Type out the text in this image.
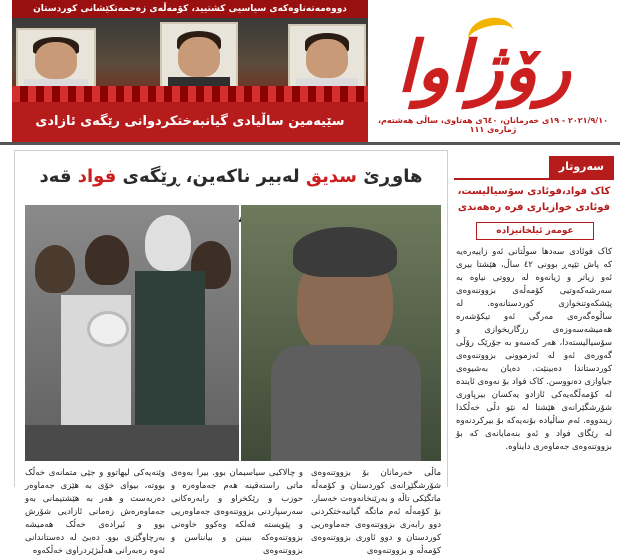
دووەمەتەناوەکەی سیاسیی کشتیید، کۆمەڵەی زەحمەتکێشانی کوردستان
سێیەمین ساڵیادی گیانبەختکردوانی رێگەی ئازادی
رۆژاوا
٢٠٢١/٩/١٠ - ١٩ی خەرمانان، ٦٤٠ی هەتاوی، ساڵی هەشتەم، ژمارەی ١١١
هاوڕێ سدیق لەبیر ناکەین، ڕێگەی فواد قەد
ماڵی خەرمانان بۆ بزووتنەوەی شۆرشگێڕانەی کوردستان و کۆمەڵە ماتگێکی تاڵە و بەرێنخانەوەت خەسار. بۆ کۆمەڵە ئەم ماتگە گیانبەختکردنی دوو رابەری بزووتنەوەی جەماوەریی کوردستان و دوو ئاوری بزووتنەوەی کۆمەڵە و بزووتنەوەی
و چالاکیی سیاسیمان بوو. بیرا بەوەی ماتی راستەقینە هەم جەماوەرە و حوزب و رێکخراو و رابەرەکانی سەرسپاردنی بزووتنەوەی جەماوەریی و پێویستە فەلکە وەکوو خاوەنی بزووتنەوەکە ببینن و بیانناسن و بزووتنەوەی
وێنەیەکی لیهاتوو و جێی متمانەی خەڵک بووتە، بیوای خۆی بە هێزی جەماوەر دەربەست و هەر بە هێشتیمانی بەو جەماوەرەش زەمانی ئازادیی شۆرش بوو و ئیرادەی خەڵک هەمیشە بەرچاوگێری بوو. دەبێ لە دەستاندانی ئەوە رەبەرانی هەڵبژێردراوی خەڵکەوە
سەروتار
کاک فواد،فوئادی سۆسیالیست، فوئادی خوازیاری فرە رەهەندی
عومەر ئیلخانیزادە
کاک فوئادی سەدها سوڵتانی ئەو زاییەرەیە کە پاش تێپەڕ بوونی ٤٢ ساڵ، هێشتا بیری ئەو زیاتر و ژیانەوە لە رووتی نیاوە بە سەرشەکەوتیی کۆمەڵەی بزووتنەوەی پێشکەوتنخوازی کوردستانەوە. لە ساڵوەگەرەی مەرگی ئەو تیکۆشەرە هەمیشەسەوزەی رزگاریخوازی و سۆسیالیستەدا، هەر کەسەو بە جۆرێک رۆڵی گەورەی ئەو لە ئەزموونی بزووتنەوەی کوردستاندا دەبینێت. دەیان بەشیوەی جیاوازی دەنووسن. کاک فواد بۆ نەوەی ئاینده لە کۆمەڵگەیەکی ئازادو یەکسان بیرپاوری شۆرشگێرانەی هێشتا لە نێو دڵی خەڵکدا زیندووە. ئەم ساڵیادە بۆنەیەکە بۆ بیرکردنەوە لە رێگای فواد و ئەو بنەمایانەی کە بۆ بزووتنەوەی جەماوەری دایناوە.
